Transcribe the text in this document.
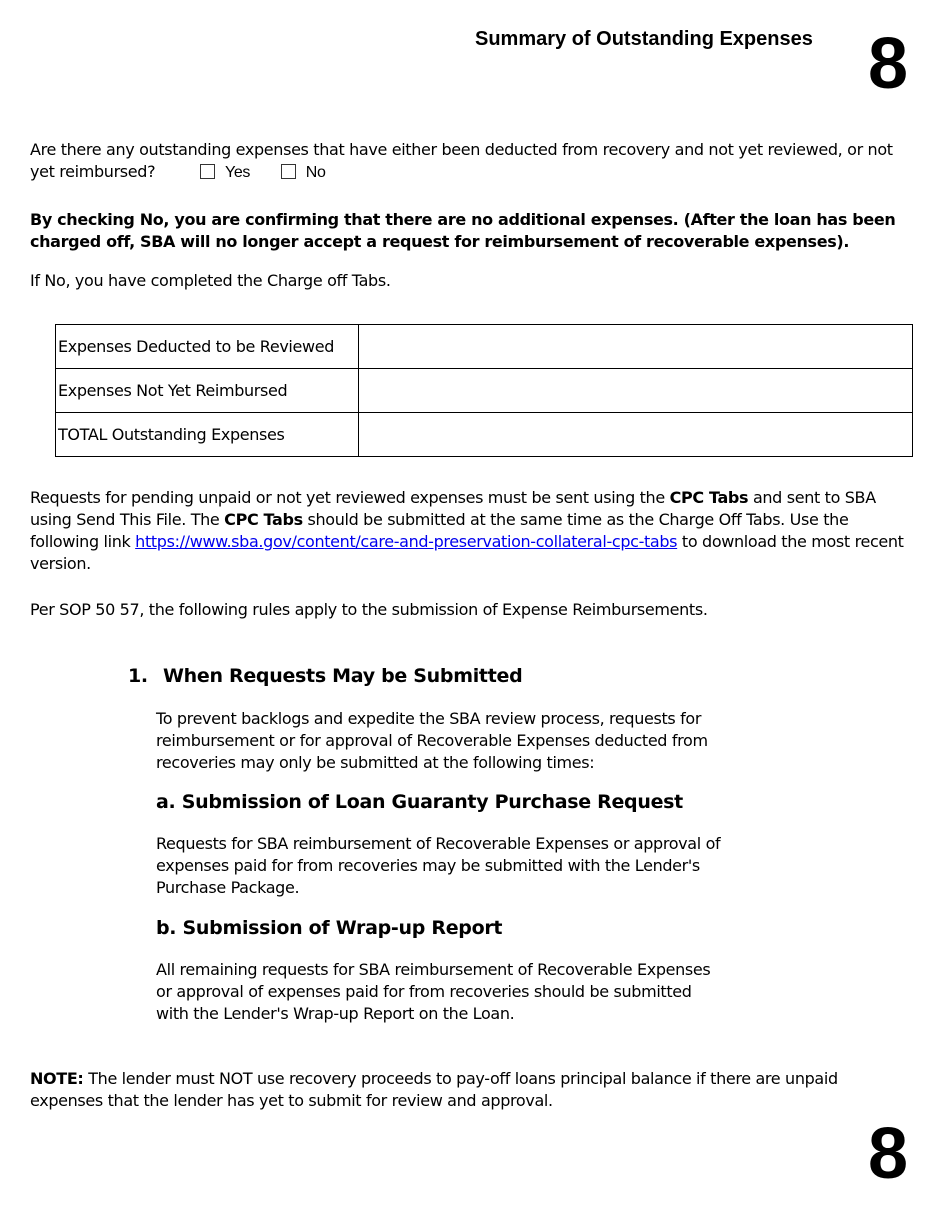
Summary of Outstanding Expenses 8
Are there any outstanding expenses that have either been deducted from recovery and not yet reviewed, or not yet reimbursed?	Yes	No
By checking No, you are confirming that there are no additional expenses. (After the loan has been charged off, SBA will no longer accept a request for reimbursement of recoverable expenses).
If No, you have completed the Charge off Tabs.
Expenses Deducted to be Reviewed	
Expenses Not Yet Reimbursed	
TOTAL Outstanding Expenses	
Requests for pending unpaid or not yet reviewed expenses must be sent using the CPC Tabs and sent to SBA using Send This File. The CPC Tabs should be submitted at the same time as the Charge Off Tabs. Use the following link https://www.sba.gov/content/care-and-preservation-collateral-cpc-tabs to download the most recent version.
Per SOP 50 57, the following rules apply to the submission of Expense Reimbursements.
1. When Requests May be Submitted
To prevent backlogs and expedite the SBA review process, requests for reimbursement or for approval of Recoverable Expenses deducted from recoveries may only be submitted at the following times:
a. Submission of Loan Guaranty Purchase Request
Requests for SBA reimbursement of Recoverable Expenses or approval of expenses paid for from recoveries may be submitted with the Lender's Purchase Package.
b. Submission of Wrap-up Report
All remaining requests for SBA reimbursement of Recoverable Expenses or approval of expenses paid for from recoveries should be submitted with the Lender's Wrap-up Report on the Loan.
NOTE: The lender must NOT use recovery proceeds to pay-off loans principal balance if there are unpaid expenses that the lender has yet to submit for review and approval.
8
